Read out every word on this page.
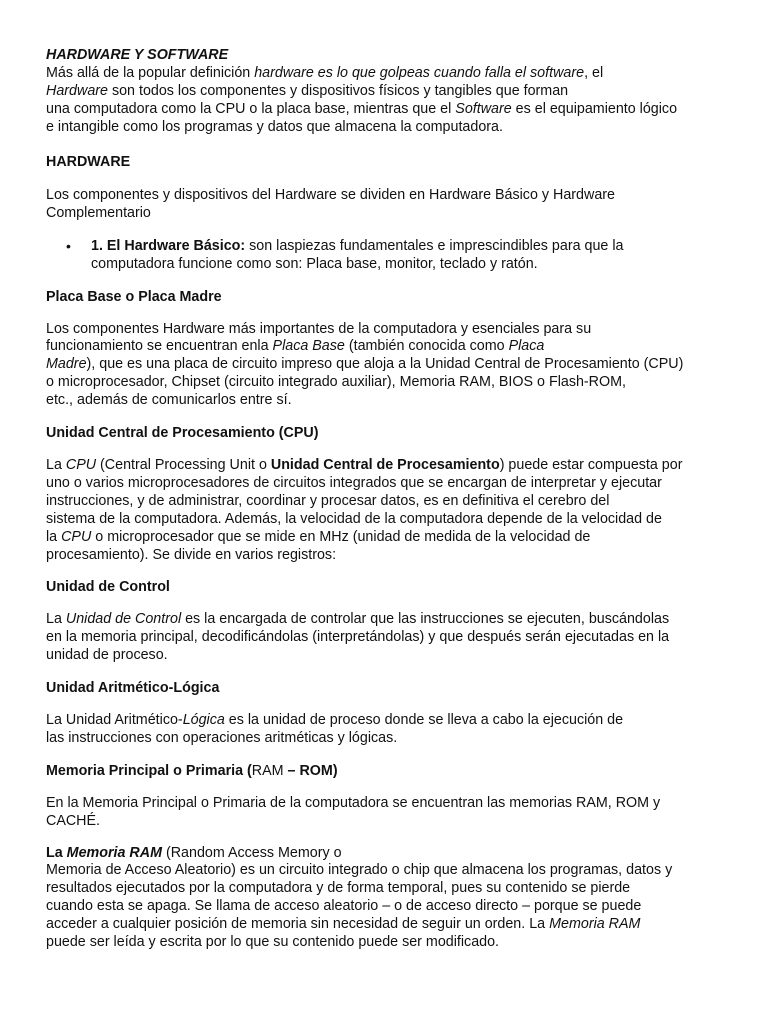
HARDWARE Y SOFTWARE
Más allá de la popular definición hardware es lo que golpeas cuando falla el software, el
Hardware son todos los componentes y dispositivos físicos y tangibles que forman
una computadora como la CPU o la placa base, mientras que el Software es el equipamiento lógico
e intangible como los programas y datos que almacena la computadora.
HARDWARE
Los componentes y dispositivos del Hardware se dividen en Hardware Básico y Hardware
Complementario
• 1. El Hardware Básico: son laspiezas fundamentales e imprescindibles para que la
computadora funcione como son: Placa base, monitor, teclado y ratón.
Placa Base o Placa Madre
Los componentes Hardware más importantes de la computadora y esenciales para su
funcionamiento se encuentran enla Placa Base (también conocida como Placa
Madre), que es una placa de circuito impreso que aloja a la Unidad Central de Procesamiento (CPU)
o microprocesador, Chipset (circuito integrado auxiliar), Memoria RAM, BIOS o Flash-ROM,
etc., además de comunicarlos entre sí.
Unidad Central de Procesamiento (CPU)
La CPU (Central Processing Unit o Unidad Central de Procesamiento) puede estar compuesta por
uno o varios microprocesadores de circuitos integrados que se encargan de interpretar y ejecutar
instrucciones, y de administrar, coordinar y procesar datos, es en definitiva el cerebro del
sistema de la computadora. Además, la velocidad de la computadora depende de la velocidad de
la CPU o microprocesador que se mide en MHz (unidad de medida de la velocidad de
procesamiento). Se divide en varios registros:
Unidad de Control
La Unidad de Control es la encargada de controlar que las instrucciones se ejecuten, buscándolas
en la memoria principal, decodificándolas (interpretándolas) y que después serán ejecutadas en la
unidad de proceso.
Unidad Aritmético-Lógica
La Unidad Aritmético-Lógica es la unidad de proceso donde se lleva a cabo la ejecución de
las instrucciones con operaciones aritméticas y lógicas.
Memoria Principal o Primaria (RAM – ROM)
En la Memoria Principal o Primaria de la computadora se encuentran las memorias RAM, ROM y
CACHÉ.
La Memoria RAM (Random Access Memory o
Memoria de Acceso Aleatorio) es un circuito integrado o chip que almacena los programas, datos y
resultados ejecutados por la computadora y de forma temporal, pues su contenido se pierde
cuando esta se apaga. Se llama de acceso aleatorio – o de acceso directo – porque se puede
acceder a cualquier posición de memoria sin necesidad de seguir un orden. La Memoria RAM
puede ser leída y escrita por lo que su contenido puede ser modificado.
